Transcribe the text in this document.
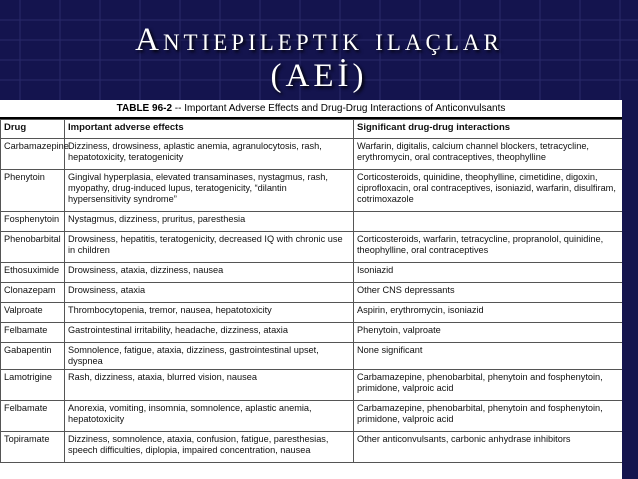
Antiepileptik ilaçlar
(AEİ)
TABLE 96-2 -- Important Adverse Effects and Drug-Drug Interactions of Anticonvulsants
Drug	Important adverse effects	Significant drug-drug interactions
Carbamazepine	Dizziness, drowsiness, aplastic anemia, agranulocytosis, rash, hepatotoxicity, teratogenicity	Warfarin, digitalis, calcium channel blockers, tetracycline, erythromycin, oral contraceptives, theophylline
Phenytoin	Gingival hyperplasia, elevated transaminases, nystagmus, rash, myopathy, drug-induced lupus, teratogenicity, “dilantin hypersensitivity syndrome”	Corticosteroids, quinidine, theophylline, cimetidine, digoxin, ciprofloxacin, oral contraceptives, isoniazid, warfarin, disulfiram, cotrimoxazole
Fosphenytoin	Nystagmus, dizziness, pruritus, paresthesia	
Phenobarbital	Drowsiness, hepatitis, teratogenicity, decreased IQ with chronic use in children	Corticosteroids, warfarin, tetracycline, propranolol, quinidine, theophylline, oral contraceptives
Ethosuximide	Drowsiness, ataxia, dizziness, nausea	Isoniazid
Clonazepam	Drowsiness, ataxia	Other CNS depressants
Valproate	Thrombocytopenia, tremor, nausea, hepatotoxicity	Aspirin, erythromycin, isoniazid
Felbamate	Gastrointestinal irritability, headache, dizziness, ataxia	Phenytoin, valproate
Gabapentin	Somnolence, fatigue, ataxia, dizziness, gastrointestinal upset, dyspnea	None significant
Lamotrigine	Rash, dizziness, ataxia, blurred vision, nausea	Carbamazepine, phenobarbital, phenytoin and fosphenytoin, primidone, valproic acid
Felbamate	Anorexia, vomiting, insomnia, somnolence, aplastic anemia, hepatotoxicity	Carbamazepine, phenobarbital, phenytoin and fosphenytoin, primidone, valproic acid
Topiramate	Dizziness, somnolence, ataxia, confusion, fatigue, paresthesias, speech difficulties, diplopia, impaired concentration, nausea	Other anticonvulsants, carbonic anhydrase inhibitors
